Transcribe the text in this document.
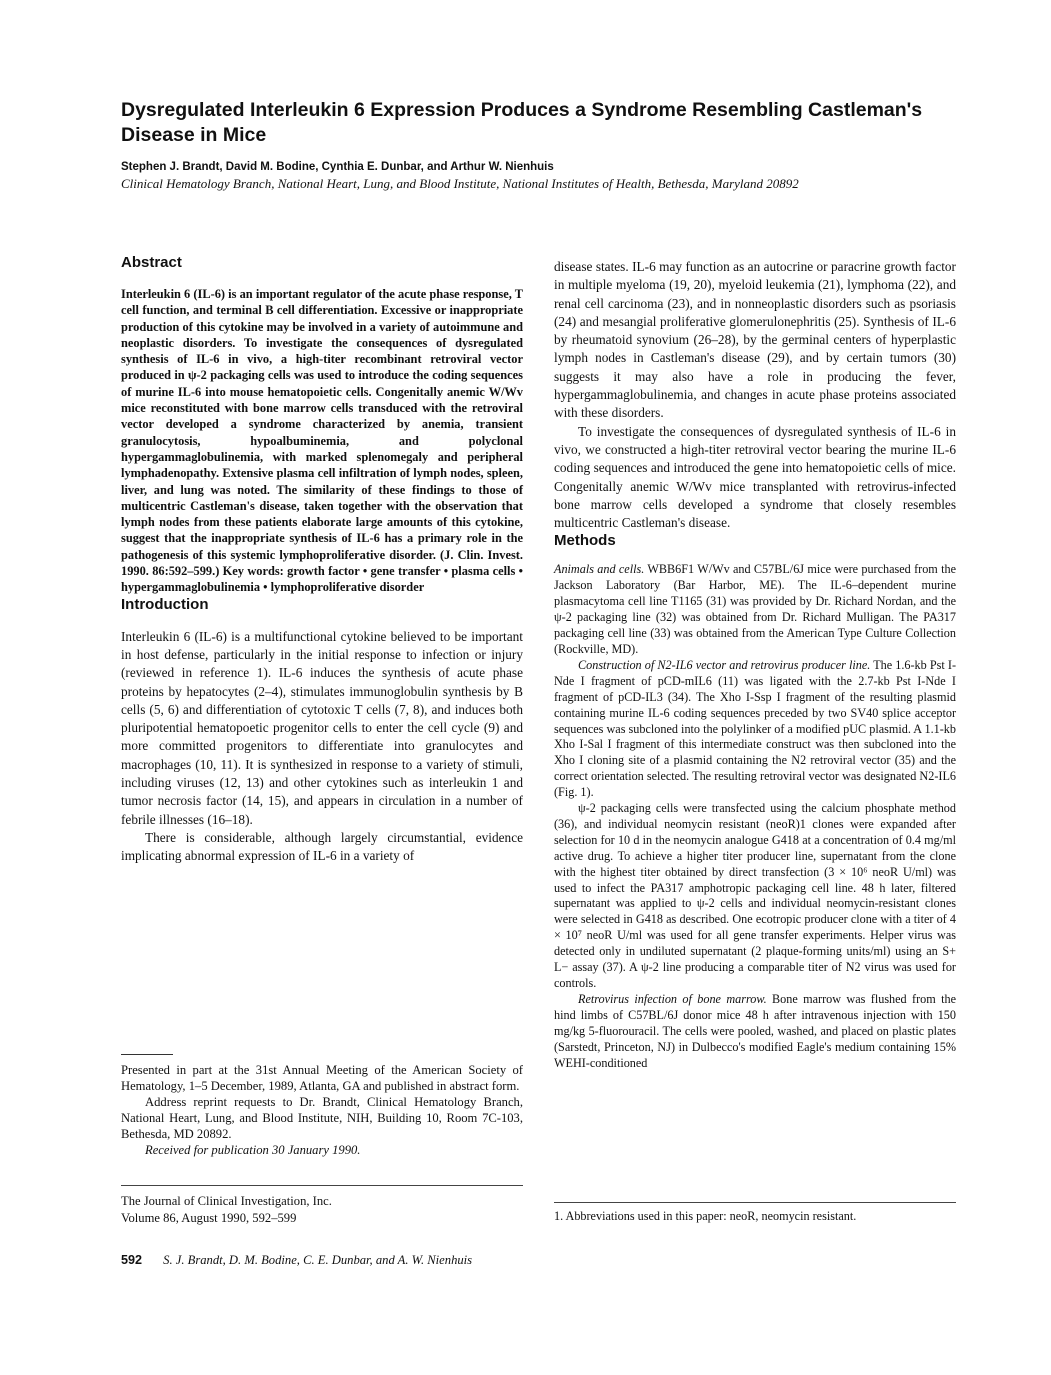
Dysregulated Interleukin 6 Expression Produces a Syndrome Resembling Castleman's Disease in Mice
Stephen J. Brandt, David M. Bodine, Cynthia E. Dunbar, and Arthur W. Nienhuis
Clinical Hematology Branch, National Heart, Lung, and Blood Institute, National Institutes of Health, Bethesda, Maryland 20892
Abstract

Interleukin 6 (IL-6) is an important regulator of the acute phase response, T cell function, and terminal B cell differentiation. Excessive or inappropriate production of this cytokine may be involved in a variety of autoimmune and neoplastic disorders. To investigate the consequences of dysregulated synthesis of IL-6 in vivo, a high-titer recombinant retroviral vector produced in ψ-2 packaging cells was used to introduce the coding sequences of murine IL-6 into mouse hematopoietic cells. Congenitally anemic W/Wv mice reconstituted with bone marrow cells transduced with the retroviral vector developed a syndrome characterized by anemia, transient granulocytosis, hypoalbuminemia, and polyclonal hypergammaglobulinemia, with marked splenomegaly and peripheral lymphadenopathy. Extensive plasma cell infiltration of lymph nodes, spleen, liver, and lung was noted. The similarity of these findings to those of multicentric Castleman's disease, taken together with the observation that lymph nodes from these patients elaborate large amounts of this cytokine, suggest that the inappropriate synthesis of IL-6 has a primary role in the pathogenesis of this systemic lymphoproliferative disorder. (J. Clin. Invest. 1990. 86:592–599.) Key words: growth factor • gene transfer • plasma cells • hypergammaglobulinemia • lymphoproliferative disorder

Introduction

Interleukin 6 (IL-6) is a multifunctional cytokine believed to be important in host defense, particularly in the initial response to infection or injury (reviewed in reference 1). IL-6 induces the synthesis of acute phase proteins by hepatocytes (2–4), stimulates immunoglobulin synthesis by B cells (5, 6) and differentiation of cytotoxic T cells (7, 8), and induces both pluripotential hematopoetic progenitor cells to enter the cell cycle (9) and more committed progenitors to differentiate into granulocytes and macrophages (10, 11). It is synthesized in response to a variety of stimuli, including viruses (12, 13) and other cytokines such as interleukin 1 and tumor necrosis factor (14, 15), and appears in circulation in a number of febrile illnesses (16–18).

There is considerable, although largely circumstantial, evidence implicating abnormal expression of IL-6 in a variety of

disease states. IL-6 may function as an autocrine or paracrine growth factor in multiple myeloma (19, 20), myeloid leukemia (21), lymphoma (22), and renal cell carcinoma (23), and in nonneoplastic disorders such as psoriasis (24) and mesangial proliferative glomerulonephritis (25). Synthesis of IL-6 by rheumatoid synovium (26–28), by the germinal centers of hyperplastic lymph nodes in Castleman's disease (29), and by certain tumors (30) suggests it may also have a role in producing the fever, hypergammaglobulinemia, and changes in acute phase proteins associated with these disorders.

To investigate the consequences of dysregulated synthesis of IL-6 in vivo, we constructed a high-titer retroviral vector bearing the murine IL-6 coding sequences and introduced the gene into hematopoietic cells of mice. Congenitally anemic W/Wv mice transplanted with retrovirus-infected bone marrow cells developed a syndrome that closely resembles multicentric Castleman's disease.

Methods

Animals and cells. WBB6F1 W/Wv and C57BL/6J mice were purchased from the Jackson Laboratory (Bar Harbor, ME). The IL-6–dependent murine plasmacytoma cell line T1165 (31) was provided by Dr. Richard Nordan, and the ψ-2 packaging line (32) was obtained from Dr. Richard Mulligan. The PA317 packaging cell line (33) was obtained from the American Type Culture Collection (Rockville, MD).

Construction of N2-IL6 vector and retrovirus producer line. The 1.6-kb Pst I-Nde I fragment of pCD-mIL6 (11) was ligated with the 2.7-kb Pst I-Nde I fragment of pCD-IL3 (34). The Xho I-Ssp I fragment of the resulting plasmid containing murine IL-6 coding sequences preceded by two SV40 splice acceptor sequences was subcloned into the polylinker of a modified pUC plasmid. A 1.1-kb Xho I-Sal I fragment of this intermediate construct was then subcloned into the Xho I cloning site of a plasmid containing the N2 retroviral vector (35) and the correct orientation selected. The resulting retroviral vector was designated N2-IL6 (Fig. 1).

ψ-2 packaging cells were transfected using the calcium phosphate method (36), and individual neomycin resistant (neoR)1 clones were expanded after selection for 10 d in the neomycin analogue G418 at a concentration of 0.4 mg/ml active drug. To achieve a higher titer producer line, supernatant from the clone with the highest titer obtained by direct transfection (3 × 10⁶ neoR U/ml) was used to infect the PA317 amphotropic packaging cell line. 48 h later, filtered supernatant was applied to ψ-2 cells and individual neomycin-resistant clones were selected in G418 as described. One ecotropic producer clone with a titer of 4 × 10⁷ neoR U/ml was used for all gene transfer experiments. Helper virus was detected only in undiluted supernatant (2 plaque-forming units/ml) using an S+ L− assay (37). A ψ-2 line producing a comparable titer of N2 virus was used for controls.

Retrovirus infection of bone marrow. Bone marrow was flushed from the hind limbs of C57BL/6J donor mice 48 h after intravenous injection with 150 mg/kg 5-fluorouracil. The cells were pooled, washed, and placed on plastic plates (Sarstedt, Princeton, NJ) in Dulbecco's modified Eagle's medium containing 15% WEHI-conditioned

Presented in part at the 31st Annual Meeting of the American Society of Hematology, 1–5 December, 1989, Atlanta, GA and published in abstract form.

Address reprint requests to Dr. Brandt, Clinical Hematology Branch, National Heart, Lung, and Blood Institute, NIH, Building 10, Room 7C-103, Bethesda, MD 20892.

Received for publication 30 January 1990.

The Journal of Clinical Investigation, Inc.
Volume 86, August 1990, 592–599	1. Abbreviations used in this paper: neoR, neomycin resistant.
592 S. J. Brandt, D. M. Bodine, C. E. Dunbar, and A. W. Nienhuis
